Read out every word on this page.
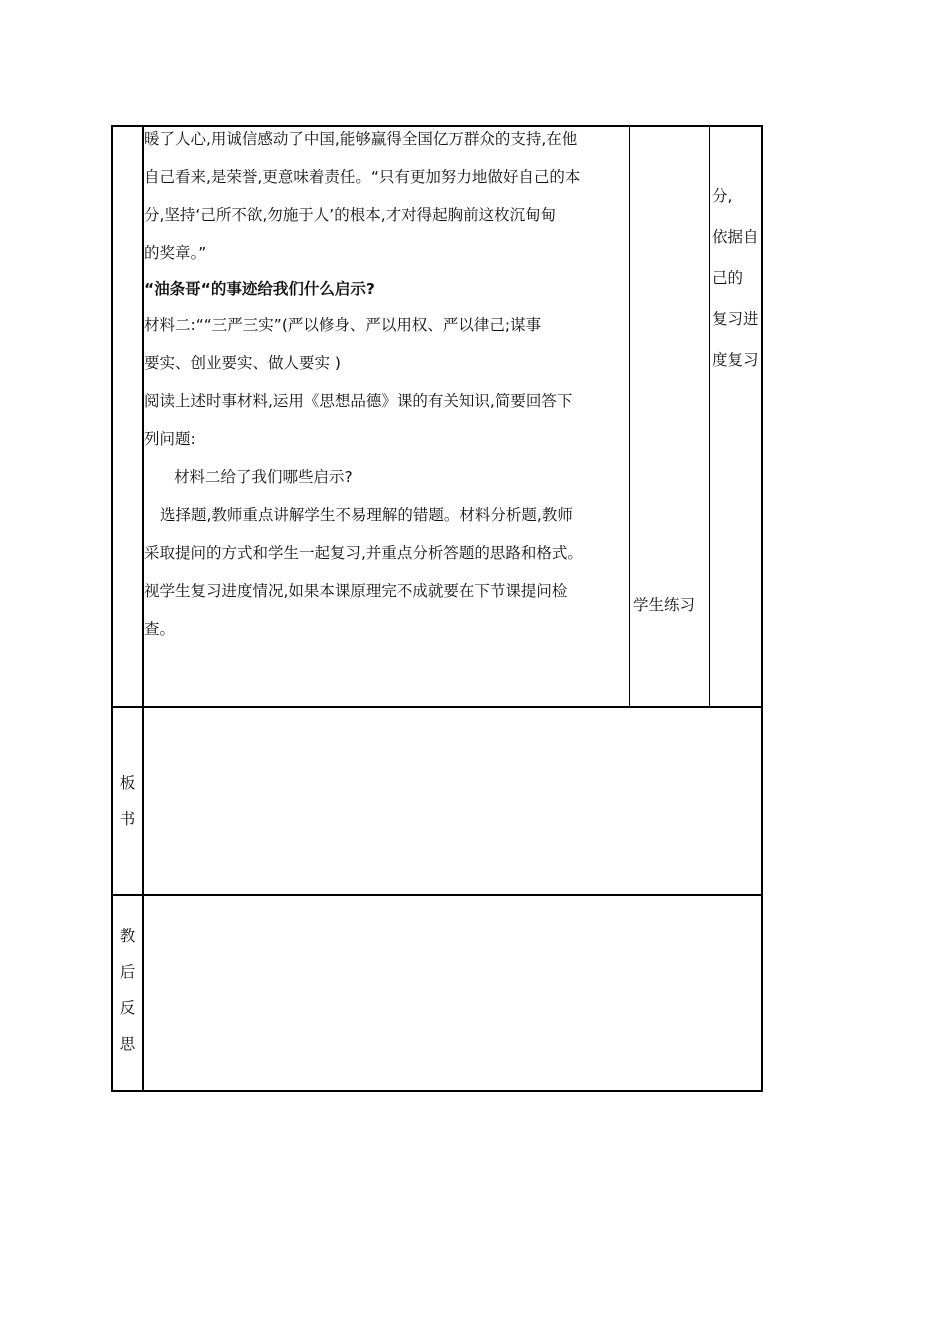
暖了人心,用诚信感动了中国,能够赢得全国亿万群众的支持,在他

自己看来,是荣誉,更意味着责任。“只有更加努力地做好自己的本

分,坚持‘己所不欲,勿施于人’的根本,才对得起胸前这枚沉甸甸

的奖章。”

“油条哥“的事迹给我们什么启示?

材料二:““三严三实”(严以修身、严以用权、严以律己;谋事

要实、创业要实、做人要实 )

阅读上述时事材料,运用《思想品德》课的有关知识,简要回答下

列问题:

材料二给了我们哪些启示?

选择题,教师重点讲解学生不易理解的错题。材料分析题,教师

采取提问的方式和学生一起复习,并重点分析答题的思路和格式。

视学生复习进度情况,如果本课原理完不成就要在下节课提问检

查。

学生练习

分,

依据自

己的

复习进

度复习

板
书
教
后
反
思
